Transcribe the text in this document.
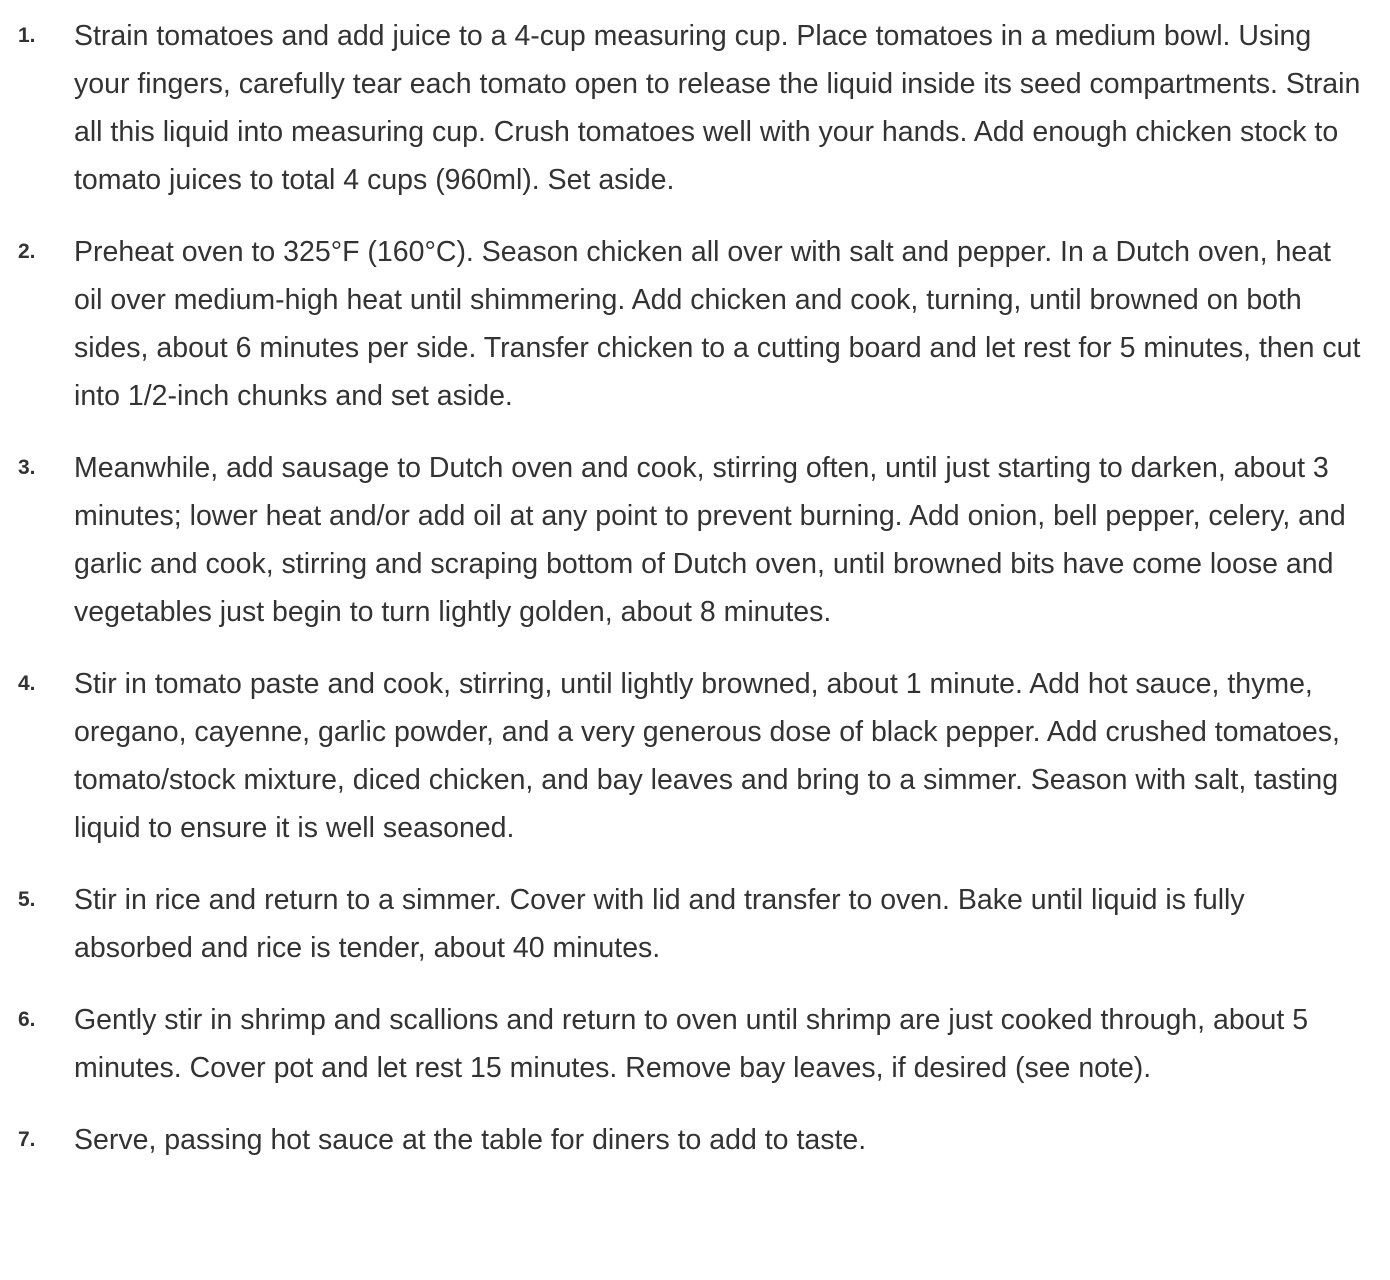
1.	Strain tomatoes and add juice to a 4-cup measuring cup. Place tomatoes in a medium bowl. Using your fingers, carefully tear each tomato open to release the liquid inside its seed compartments. Strain all this liquid into measuring cup. Crush tomatoes well with your hands. Add enough chicken stock to tomato juices to total 4 cups (960ml). Set aside.
2.	Preheat oven to 325°F (160°C). Season chicken all over with salt and pepper. In a Dutch oven, heat oil over medium-high heat until shimmering. Add chicken and cook, turning, until browned on both sides, about 6 minutes per side. Transfer chicken to a cutting board and let rest for 5 minutes, then cut into 1/2-inch chunks and set aside.
3.	Meanwhile, add sausage to Dutch oven and cook, stirring often, until just starting to darken, about 3 minutes; lower heat and/or add oil at any point to prevent burning. Add onion, bell pepper, celery, and garlic and cook, stirring and scraping bottom of Dutch oven, until browned bits have come loose and vegetables just begin to turn lightly golden, about 8 minutes.
4.	Stir in tomato paste and cook, stirring, until lightly browned, about 1 minute. Add hot sauce, thyme, oregano, cayenne, garlic powder, and a very generous dose of black pepper. Add crushed tomatoes, tomato/stock mixture, diced chicken, and bay leaves and bring to a simmer. Season with salt, tasting liquid to ensure it is well seasoned.
5.	Stir in rice and return to a simmer. Cover with lid and transfer to oven. Bake until liquid is fully absorbed and rice is tender, about 40 minutes.
6.	Gently stir in shrimp and scallions and return to oven until shrimp are just cooked through, about 5 minutes. Cover pot and let rest 15 minutes. Remove bay leaves, if desired (see note).
7.	Serve, passing hot sauce at the table for diners to add to taste.
